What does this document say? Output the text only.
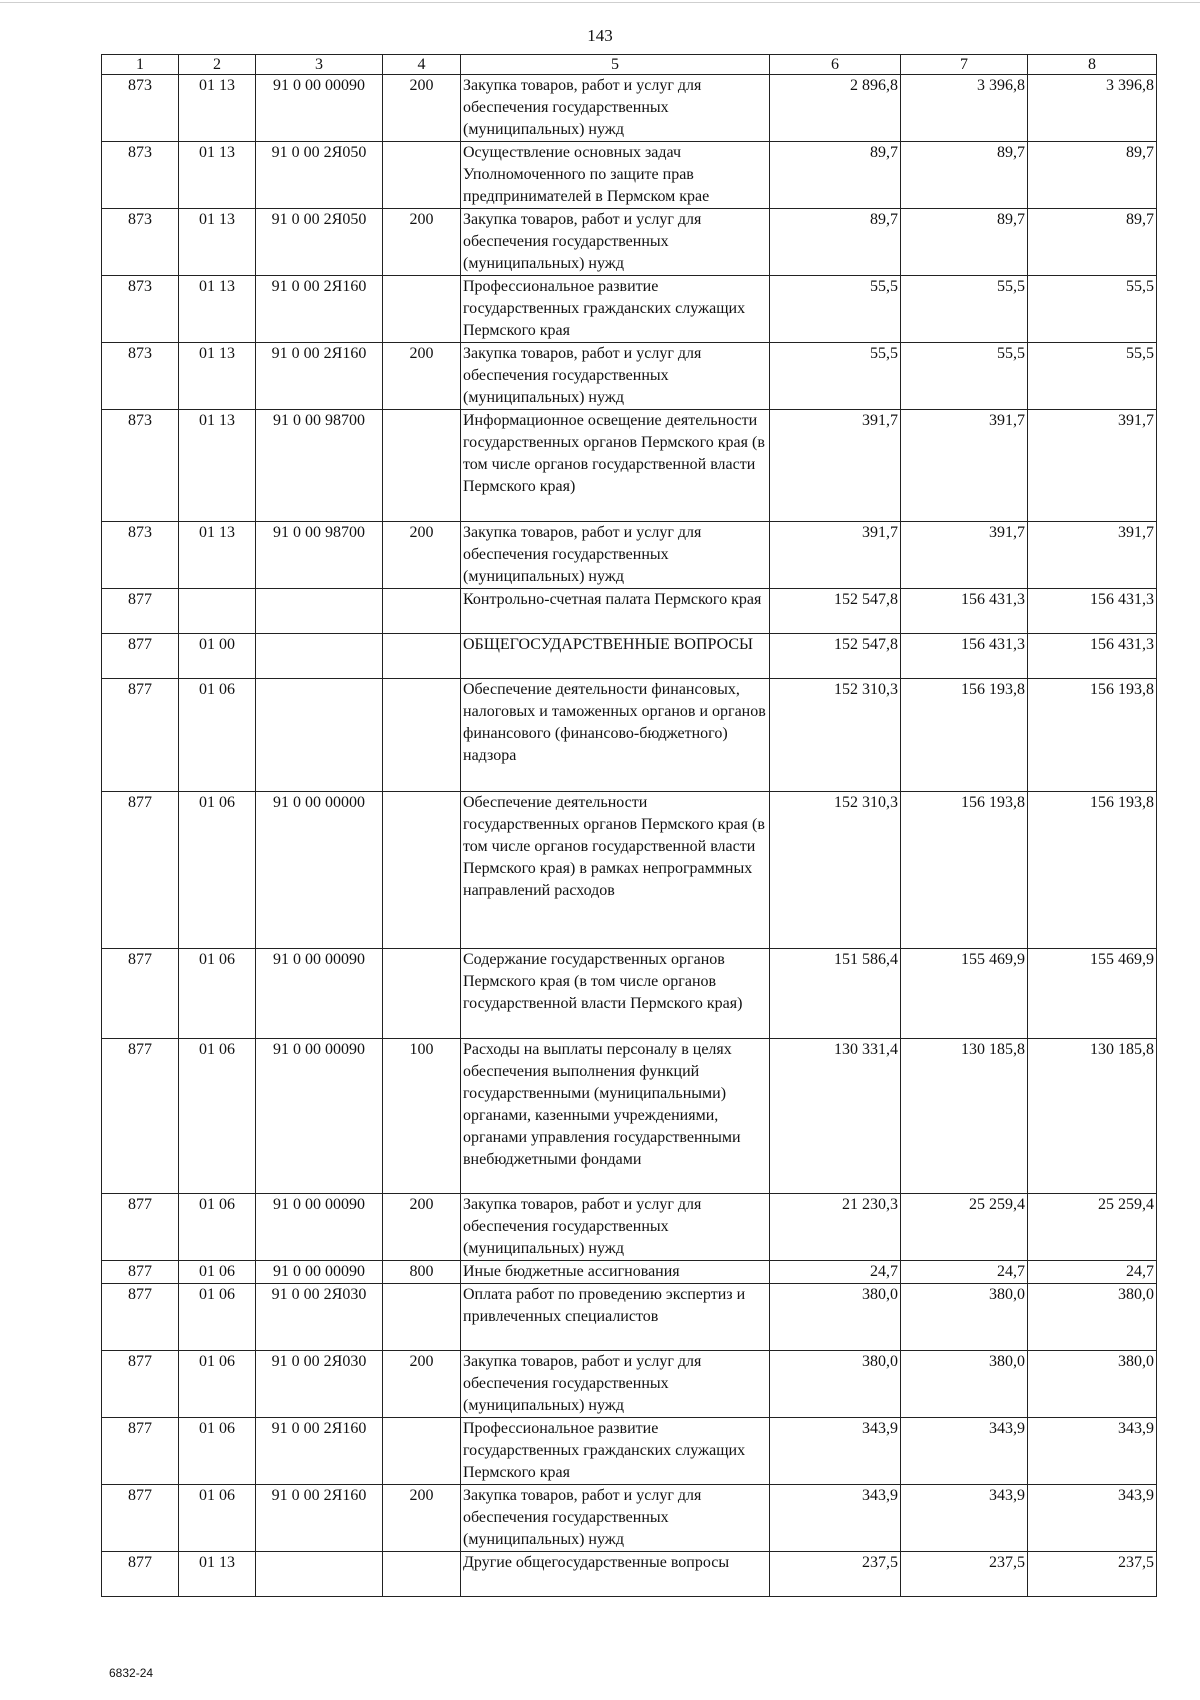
143
1	2	3	4	5	6	7	8
873	01 13	91 0 00 00090	200	Закупка товаров, работ и услуг для обеспечения государственных (муниципальных) нужд	2 896,8	3 396,8	3 396,8
873	01 13	91 0 00 2Я050		Осуществление основных задач Уполномоченного по защите прав предпринимателей в Пермском крае	89,7	89,7	89,7
873	01 13	91 0 00 2Я050	200	Закупка товаров, работ и услуг для обеспечения государственных (муниципальных) нужд	89,7	89,7	89,7
873	01 13	91 0 00 2Я160		Профессиональное развитие государственных гражданских служащих Пермского края	55,5	55,5	55,5
873	01 13	91 0 00 2Я160	200	Закупка товаров, работ и услуг для обеспечения государственных (муниципальных) нужд	55,5	55,5	55,5
873	01 13	91 0 00 98700		Информационное освещение деятельности государственных органов Пермского края (в том числе органов государственной власти Пермского края)	391,7	391,7	391,7
873	01 13	91 0 00 98700	200	Закупка товаров, работ и услуг для обеспечения государственных (муниципальных) нужд	391,7	391,7	391,7
877				Контрольно-счетная палата Пермского края	152 547,8	156 431,3	156 431,3
877	01 00			ОБЩЕГОСУДАРСТВЕННЫЕ ВОПРОСЫ	152 547,8	156 431,3	156 431,3
877	01 06			Обеспечение деятельности финансовых, налоговых и таможенных органов и органов финансового (финансово-бюджетного) надзора	152 310,3	156 193,8	156 193,8
877	01 06	91 0 00 00000		Обеспечение деятельности государственных органов Пермского края (в том числе органов государственной власти Пермского края) в рамках непрограммных направлений расходов	152 310,3	156 193,8	156 193,8
877	01 06	91 0 00 00090		Содержание государственных органов Пермского края (в том числе органов государственной власти Пермского края)	151 586,4	155 469,9	155 469,9
877	01 06	91 0 00 00090	100	Расходы на выплаты персоналу в целях обеспечения выполнения функций государственными (муниципальными) органами, казенными учреждениями, органами управления государственными внебюджетными фондами	130 331,4	130 185,8	130 185,8
877	01 06	91 0 00 00090	200	Закупка товаров, работ и услуг для обеспечения государственных (муниципальных) нужд	21 230,3	25 259,4	25 259,4
877	01 06	91 0 00 00090	800	Иные бюджетные ассигнования	24,7	24,7	24,7
877	01 06	91 0 00 2Я030		Оплата работ по проведению экспертиз и привлеченных специалистов	380,0	380,0	380,0
877	01 06	91 0 00 2Я030	200	Закупка товаров, работ и услуг для обеспечения государственных (муниципальных) нужд	380,0	380,0	380,0
877	01 06	91 0 00 2Я160		Профессиональное развитие государственных гражданских служащих Пермского края	343,9	343,9	343,9
877	01 06	91 0 00 2Я160	200	Закупка товаров, работ и услуг для обеспечения государственных (муниципальных) нужд	343,9	343,9	343,9
877	01 13			Другие общегосударственные вопросы	237,5	237,5	237,5
6832-24
